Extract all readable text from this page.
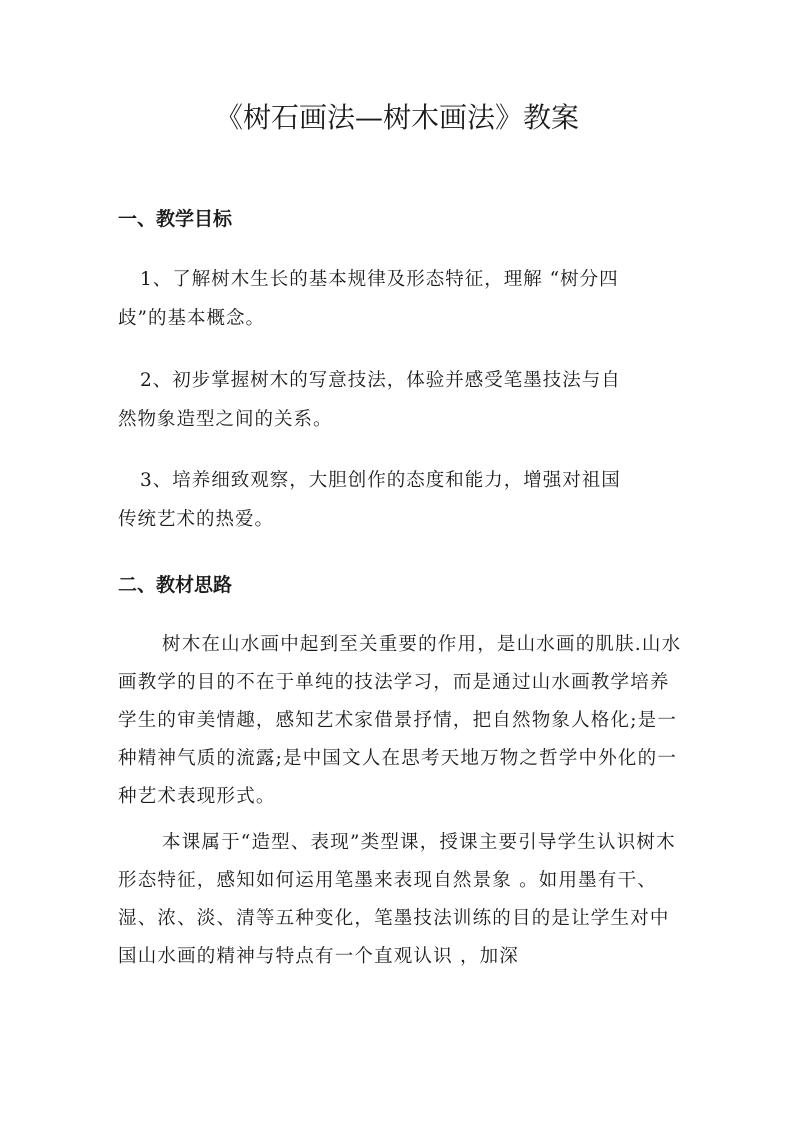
《树石画法—树木画法》教案
一、教学目标

1、了解树木生长的基本规律及形态特征，理解 “树分四
歧”的基本概念。

2、初步掌握树木的写意技法，体验并感受笔墨技法与自
然物象造型之间的关系。

3、培养细致观察，大胆创作的态度和能力，增强对祖国
传统艺术的热爱。

二、教材思路

树木在山水画中起到至关重要的作用，是山水画的肌肤.山水画教学的目的不在于单纯的技法学习，而是通过山水画教学培养学生的审美情趣，感知艺术家借景抒情，把自然物象人格化;是一种精神气质的流露;是中国文人在思考天地万物之哲学中外化的一种艺术表现形式。

本课属于“造型、表现”类型课，授课主要引导学生认识树木形态特征，感知如何运用笔墨来表现自然景象 。如用墨有干、湿、浓、淡、清等五种变化，笔墨技法训练的目的是让学生对中国山水画的精神与特点有一个直观认识 ，加深
